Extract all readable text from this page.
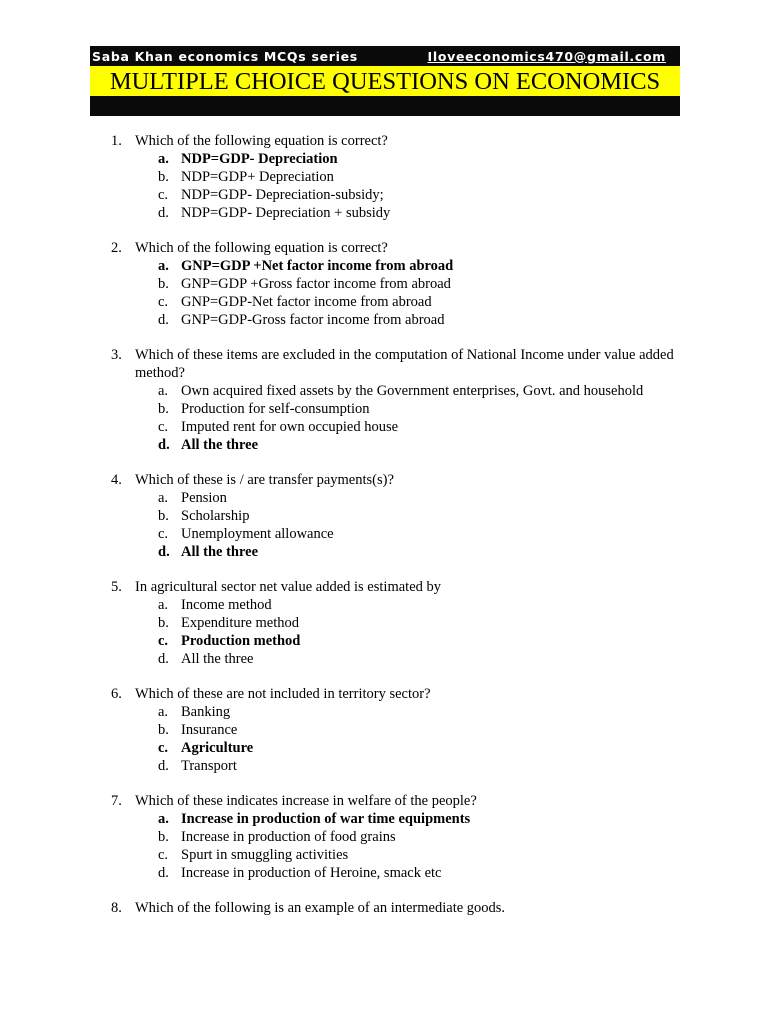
Saba Khan economics MCQs series	Iloveeconomics470@gmail.com
MULTIPLE CHOICE QUESTIONS ON ECONOMICS
1. Which of the following equation is correct?
a. NDP=GDP- Depreciation
b. NDP=GDP+ Depreciation
c. NDP=GDP- Depreciation-subsidy;
d. NDP=GDP- Depreciation + subsidy
2. Which of the following equation is correct?
a. GNP=GDP +Net factor income from abroad
b. GNP=GDP +Gross factor income from abroad
c. GNP=GDP-Net factor income from abroad
d. GNP=GDP-Gross factor income from abroad
3. Which of these items are excluded in the computation of National Income under value added method?
a. Own acquired fixed assets by the Government enterprises, Govt. and household
b. Production for self-consumption
c. Imputed rent for own occupied house
d. All the three
4. Which of these is / are transfer payments(s)?
a. Pension
b. Scholarship
c. Unemployment allowance
d. All the three
5. In agricultural sector net value added is estimated by
a. Income method
b. Expenditure method
c. Production method
d. All the three
6. Which of these are not included in territory sector?
a. Banking
b. Insurance
c. Agriculture
d. Transport
7. Which of these indicates increase in welfare of the people?
a. Increase in production of war time equipments
b. Increase in production of food grains
c. Spurt in smuggling activities
d. Increase in production of Heroine, smack etc
8. Which of the following is an example of an intermediate goods.
